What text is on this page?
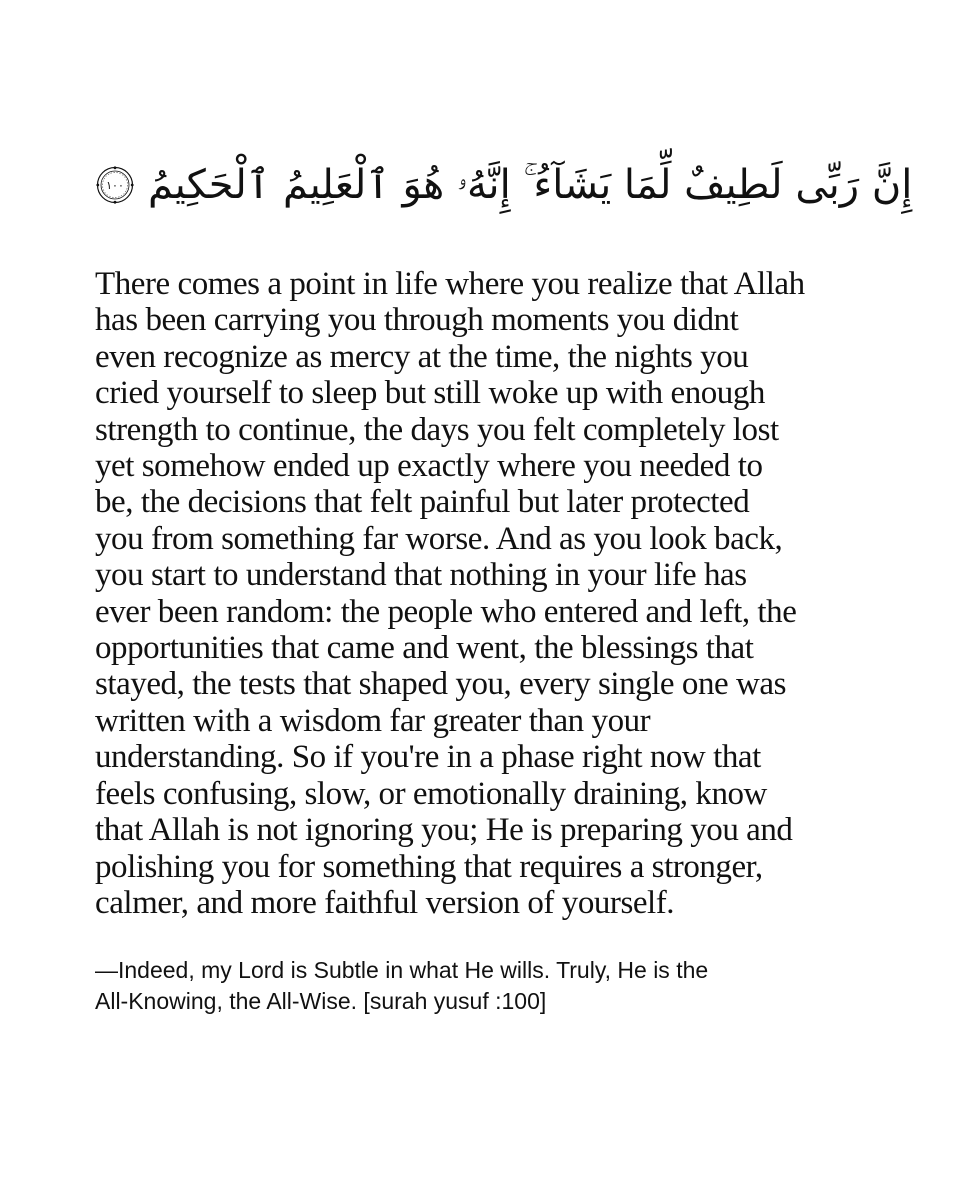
إِنَّ رَبِّى لَطِيفٌ لِّمَا يَشَآءُ ۚ إِنَّهُۥ هُوَ ٱلْعَلِيمُ ٱلْحَكِيمُ
١٠٠

There comes a point in life where you realize that Allah
has been carrying you through moments you didnt
even recognize as mercy at the time, the nights you
cried yourself to sleep but still woke up with enough
strength to continue, the days you felt completely lost
yet somehow ended up exactly where you needed to
be, the decisions that felt painful but later protected
you from something far worse. And as you look back,
you start to understand that nothing in your life has
ever been random: the people who entered and left, the
opportunities that came and went, the blessings that
stayed, the tests that shaped you, every single one was
written with a wisdom far greater than your
understanding. So if you're in a phase right now that
feels confusing, slow, or emotionally draining, know
that Allah is not ignoring you; He is preparing you and
polishing you for something that requires a stronger,
calmer, and more faithful version of yourself.

—Indeed, my Lord is Subtle in what He wills. Truly, He is the
All-Knowing, the All-Wise. [surah yusuf :100]
